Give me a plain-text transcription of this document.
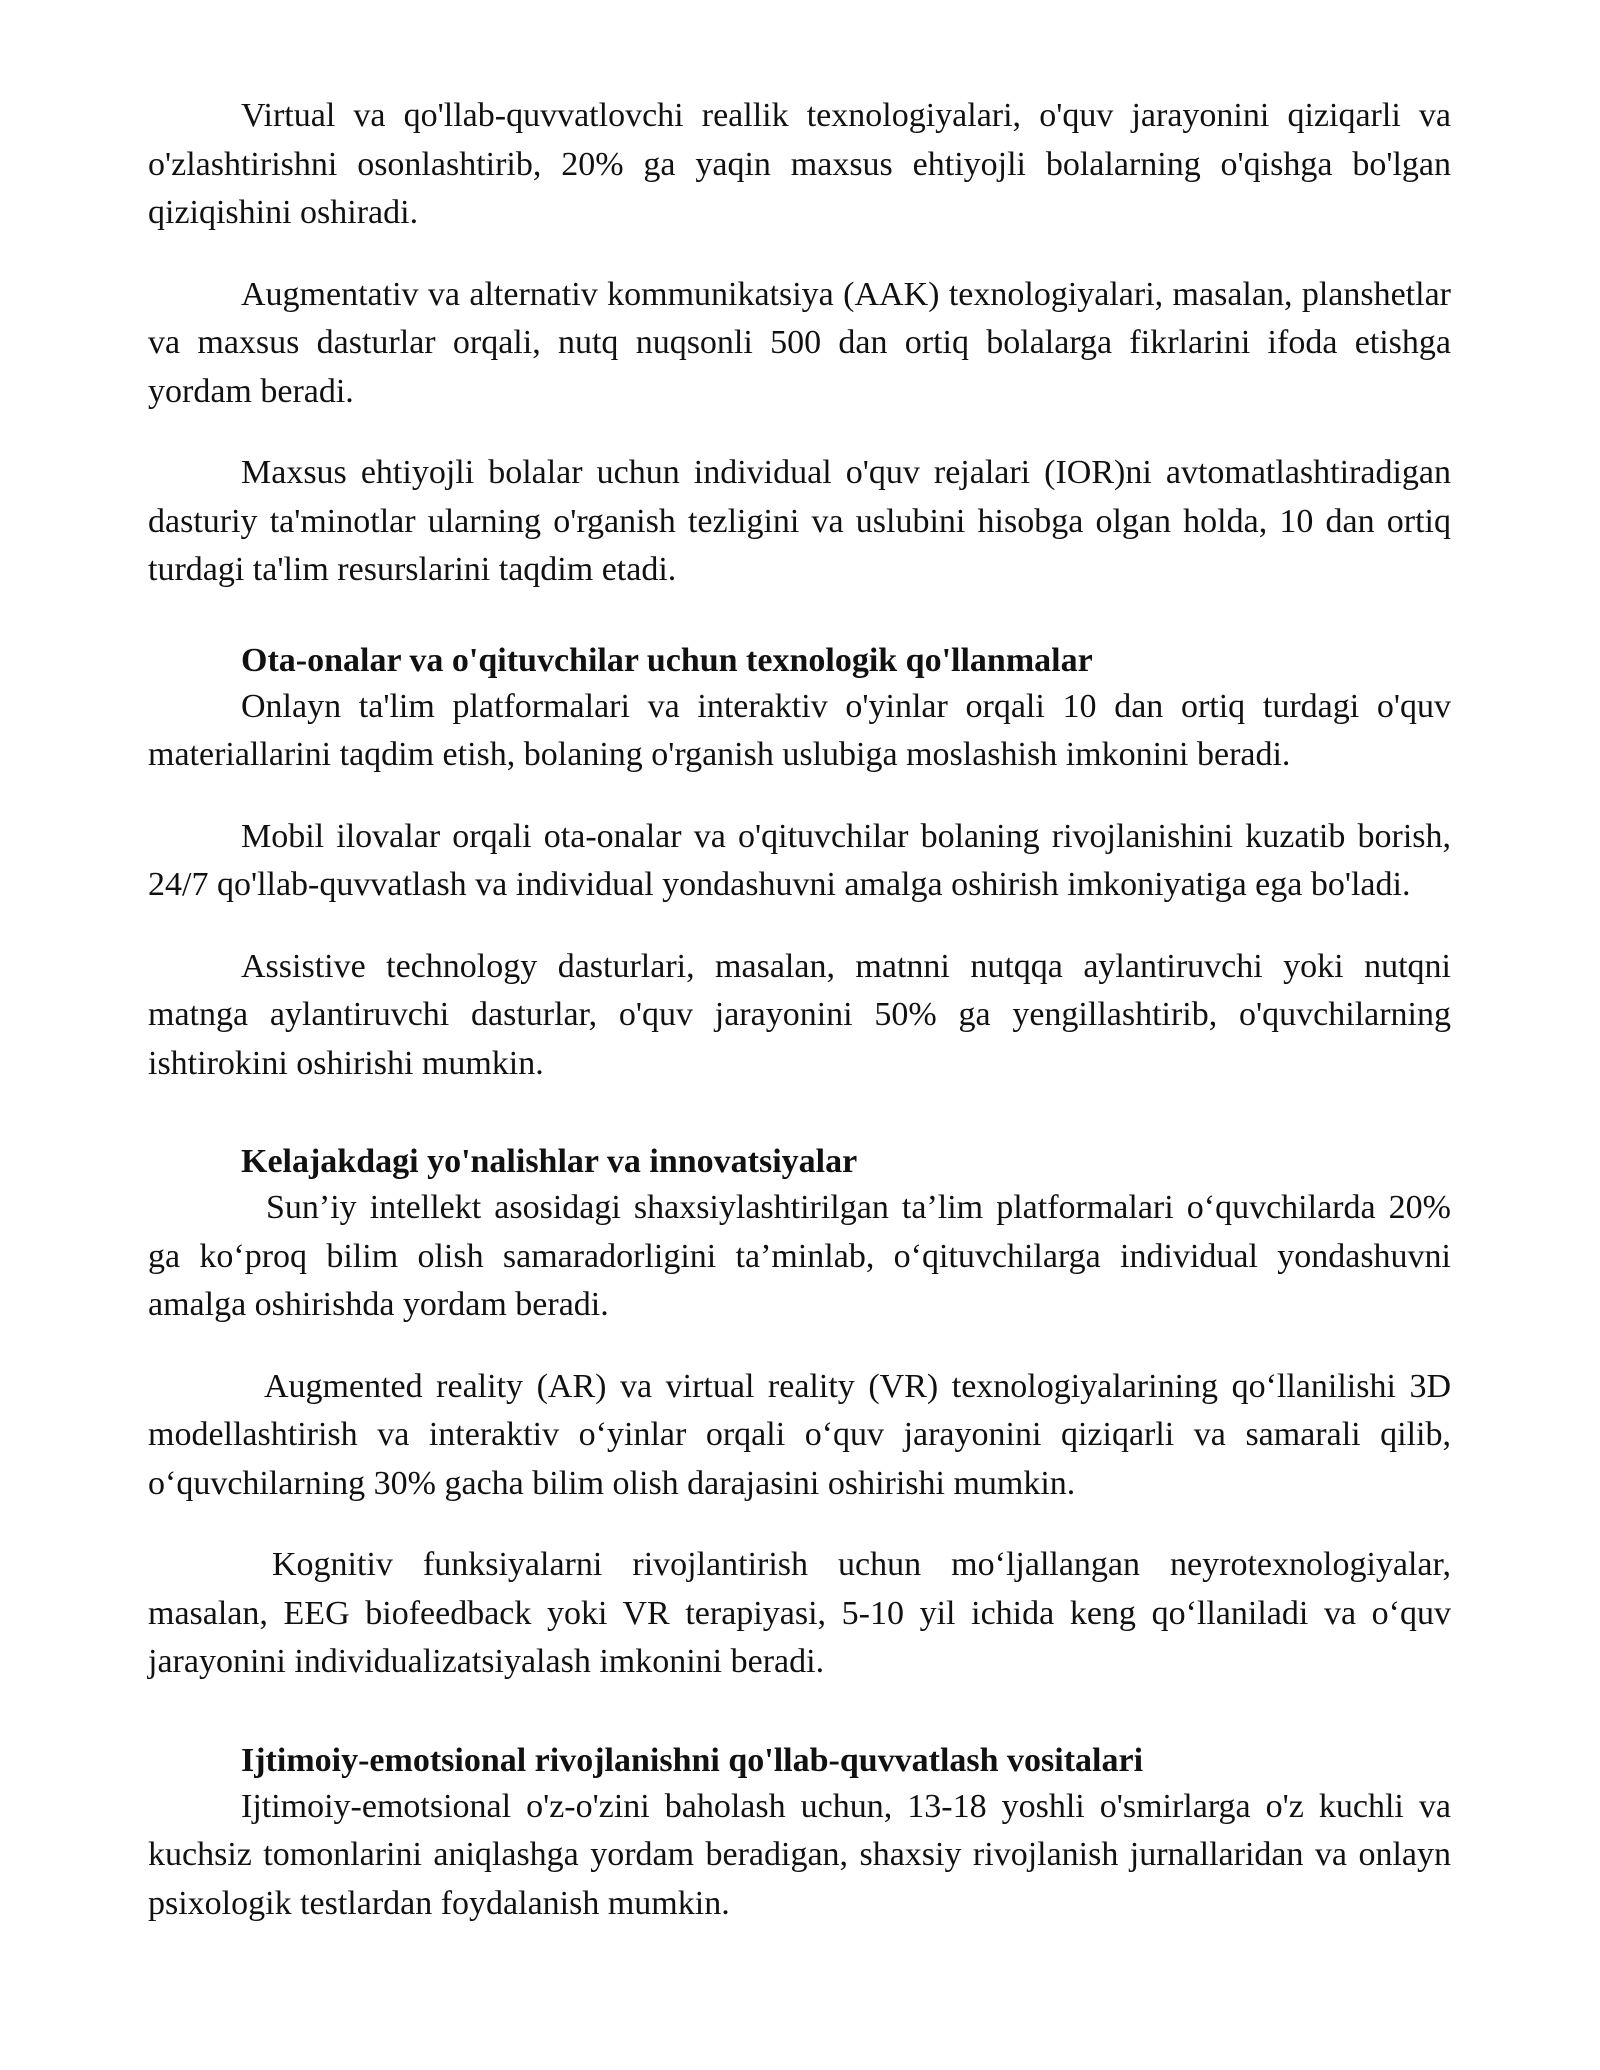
Virtual va qo'llab-quvvatlovchi reallik texnologiyalari, o'quv jarayonini qiziqarli va o'zlashtirishni osonlashtirib, 20% ga yaqin maxsus ehtiyojli bolalarning o'qishga bo'lgan qiziqishini oshiradi.

Augmentativ va alternativ kommunikatsiya (AAK) texnologiyalari, masalan, planshetlar va maxsus dasturlar orqali, nutq nuqsonli 500 dan ortiq bolalarga fikrlarini ifoda etishga yordam beradi.

Maxsus ehtiyojli bolalar uchun individual o'quv rejalari (IOR)ni avtomatlashtiradigan dasturiy ta'minotlar ularning o'rganish tezligini va uslubini hisobga olgan holda, 10 dan ortiq turdagi ta'lim resurslarini taqdim etadi.

Ota-onalar va o'qituvchilar uchun texnologik qo'llanmalar

Onlayn ta'lim platformalari va interaktiv o'yinlar orqali 10 dan ortiq turdagi o'quv materiallarini taqdim etish, bolaning o'rganish uslubiga moslashish imkonini beradi.

Mobil ilovalar orqali ota-onalar va o'qituvchilar bolaning rivojlanishini kuzatib borish, 24/7 qo'llab-quvvatlash va individual yondashuvni amalga oshirish imkoniyatiga ega bo'ladi.

Assistive technology dasturlari, masalan, matnni nutqqa aylantiruvchi yoki nutqni matnga aylantiruvchi dasturlar, o'quv jarayonini 50% ga yengillashtirib, o'quvchilarning ishtirokini oshirishi mumkin.

Kelajakdagi yo'nalishlar va innovatsiyalar

Sun’iy intellekt asosidagi shaxsiylashtirilgan ta’lim platformalari o‘quvchilarda 20% ga ko‘proq bilim olish samaradorligini ta’minlab, o‘qituvchilarga individual yondashuvni amalga oshirishda yordam beradi.

Augmented reality (AR) va virtual reality (VR) texnologiyalarining qo‘llanilishi 3D modellashtirish va interaktiv o‘yinlar orqali o‘quv jarayonini qiziqarli va samarali qilib, o‘quvchilarning 30% gacha bilim olish darajasini oshirishi mumkin.

Kognitiv funksiyalarni rivojlantirish uchun mo‘ljallangan neyrotexnologiyalar, masalan, EEG biofeedback yoki VR terapiyasi, 5-10 yil ichida keng qo‘llaniladi va o‘quv jarayonini individualizatsiyalash imkonini beradi.

Ijtimoiy-emotsional rivojlanishni qo'llab-quvvatlash vositalari

Ijtimoiy-emotsional o'z-o'zini baholash uchun, 13-18 yoshli o'smirlarga o'z kuchli va kuchsiz tomonlarini aniqlashga yordam beradigan, shaxsiy rivojlanish jurnallaridan va onlayn psixologik testlardan foydalanish mumkin.
